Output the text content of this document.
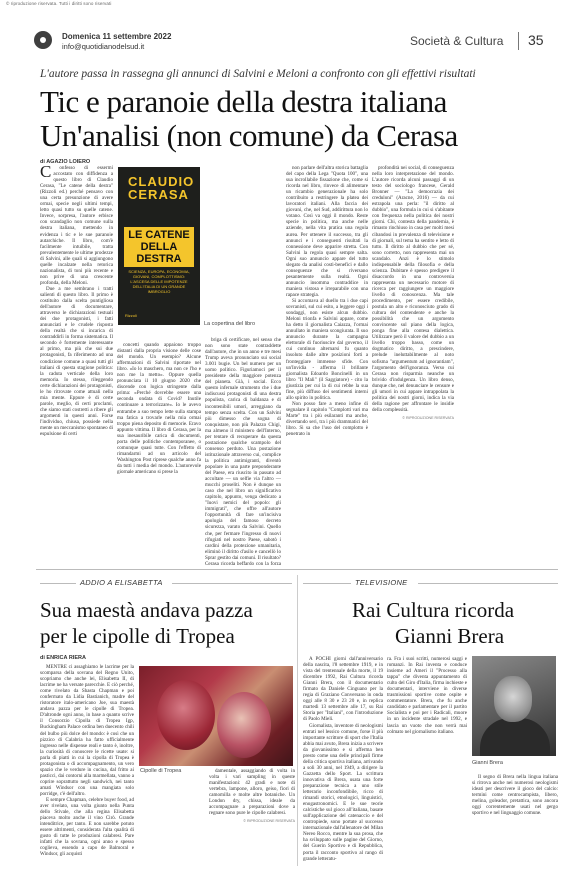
© riproduzione riservata. Tutti i diritti sono riservati
Domenica 11 settembre 2022
info@quotidianodelsud.it	Società & Cultura 35
L'autore passa in rassegna gli annunci di Salvini e Meloni a confronto con gli effettivi risultati
Tic e paranoie della destra italiana
Un'analisi (non comune) da Cerasa
di AGAZIO LOIERO
C	onfesso di essermi accostato con diffidenza a questo libro di Claudio Cerasa, "Le catene della destra" (Rizzoli ed.) perché pensavo con una certa presunzione di avere ormai, specie negli ultimi tempi, letto quasi tutto su quelle catene. Invece, sorpresa, l'autore erbisce con scandaglio non comune sulla destra italiana, mettendo in evidenza i tic e le sue paranoie autarchiche. Il libro, com'è facilmente intuibile, tratta prevalentemente le ultime prodezze di Salvini, alle quali si aggiungono quelle incalzate nella retorica nazionalista, di toni più recente e non prive di una crescente profonda, della Meloni.

Due a me sembrano i tratti salienti di questo libro. Il primo è costituito dalla scelta puntigliosa dell'autore di documentare, attraverso le dichiarazioni testuali dei due protagonisti, i fatti annunciati e le crudele risposta della realtà che si incarica di contraddirli in forma sistematica. Il secondo è fortemente interessante al primo, ma più che sui due protagonisti, fa riferimento ad una condizione comune a quasi tutti gli italiani di questa stagione politica: la caduta verticale della loro memoria. Io stesso, rileggendo certe dichiarazioni dei protagonisti, le ho ritrovate come attuali nella mia mente. Eppure è di certe parole, meglio, di certi proclami, che siamo stati costretti a ribere gli argomenti in questi anni. Forse l'individuo, chiusa, possiede nella mente un meccanismo spontaneo di espulsione di certi

CLAUDIO CERASA
LE CATENE DELLA DESTRA
SCIENZA, EUROPA, ECONOMIA, GIOVANI, COMPLOTTISMO: L'ASCESA DELLE IMPOTENZE DELL'ITALIA DI UN GRANDE IMBROGLIO
Rizzoli
La copertina del libro

concetti quando appaiono troppo distanti dalla propria visione delle cose del mondo. Un esempio? Alcune affermazioni di Salvini riportate nel libro. «Io lo maschero, ma non ce l'ho e non me la metto». Oppure quella pronunciata il 10 giugno 2020 che discende con logica stringente dalla prima: «Perché dovrebbe essere una seconda ondata di Covid? Inutile continuare a terrorizzare». Io le avevo entrambe a suo tempo lette sulla stampa ma fatica a trovarle nella mia ormai troppo piena deposito di memorie. Eravo appunto vittima. Il libro di Cerasa, per la sua inesauribile carica di documenti, porta delle politiche contemporanee, o comunque quasi tutte. Con l'effetto di rimandarmi ad un articolo del Washington Post riprese qualche anno fa da tutti i media del mondo. L'autorevole giornale americano si prese la

briga di certificare, nel senso che non sono state contraddette dall'autore, che in un anno e tre mesi Trump aveva pronunciato sui social 3.001 bugie. Un bel numero per un uomo politico. Figuriamoci per il presidente della maggiore potenza del pianeta. Già, i social. Ecco questo infernale strumento che i due indiscussi protagonisti di una destra populista, carica di baldanza e di incontenibili umori, arreggiano da tempo senza scelta. Con un Salvini più dimesso che sogna di conquistare, non più Palazzo Chigi, ma almeno il ministero dell'Interno, per tentare di recuperare da questa postazione qualche scampolo del consenso perduto. Una postazione istituzionale attraverso cui, complice la politica antimigranti, diventò popolare in una parte preponderante del Paese, era riuscito in passato ad accoltare — un selfie via l'altro — mucchi proseliti. Non è dunque un caso che nel libro un significativo capitolo, appunto, venga dedicato a "Iuovi nemici del popolo: gli immigrati", che offre all'autore l'opportunità di fare un'incisiva apologia del famoso decreto sicurezza, varato da Salvini. Quello che, per fermare l'ingresso di nuovi rifugiati nel nostro Paese, sabotò i cardini della protezione umanitaria, eliminò il diritto d'asilo e cancellò lo Sprar gestito dai comuni. Il risultato? Cerasa ricorda beffardo con la forza

non parlare dell'altra storica battaglia del capo della Lega "Quota 100", una sua incrollabile fissazione che, come si ricorda nel libro, rinvece di alimentare un ricambio generazionale ha solo contribuito a restringere la platea dei lavoratori italiani. Alla faccia dei giovani, che, nel Sud, addirittura non lo votano. Così va oggi il mondo. Reste specie in politica, ma anche nelle aziende, nella vita pratica una regola aurea. Per ottenere il successo, tra gli annunci e i conseguenti risultati la connessione deve apparire stretta. Con Salvini la regola quasi sempre salta. Ogni suo annuncio appare del tutto slegato da analisi costi-benefici e dallo conseguenze che si riversano pesantemente sulla realtà. Ogni annuncio insomma contraddice in maniera vistosa e irreparabile con una rapace strategia.

Si accomava al duello tra i due capi sovranisti, sul cui esito, a leggere oggi i sondaggi, non esiste alcun dubbio. Meloni trionfa e Salvini appare, come ha detto il giornalista Caiazza, l'ormai annullato in maniera scongiurata. Il suo annuncio durante la campagna elettorale di fuoriuscire dal governo, il cui continuo alternarsi fu quanto insoluto dalle altre posizioni forti a fronteggiare immense sfide. Con un'Invidia - afferma il brillante giornalista Edoardo Boncinelli in un libro "Il Mali" (il Saggiatore) - cito la giustizia per cui la di cui rebbe la sua fine, più diffuso dei sentimenti interni allo spirito in politica.

Non posso fare a meno infine di segnalare il capitolo "Complotti vari ma Marte" tra i più esilaranti ma anche, divertando seri, tra i più drammatici del libro. Si sa che l'uso del complotto è penetrato in

profondità nei social, di conseguenza nella loro interpretazione del mondo. L'autore ricorda alcuni passaggi di un testo del sociologo francese, Gerald Bronner — "La democrazia dei creduloni" (Aracne, 2016) — da cui estrapola una perla: "il diritto al dubbio", una formula in cui si s'abitante con frequenza nella politica dei nostri giorni. Chi, contesta della pandemia, è rimasto rinchiuso in casa per molti mesi cibandosi in prevalenza di televisione e di giornali, sul tema ha sentito e letto di tutto. Il diritto al dubbio che per sé, sono corretto, non rappresenta mai un scandalo. Anzi è lo stimolo indispensabile della filosofia e della scienza. Dubitare è spesso predigere il disaccordo in una controversia rappresenta un necessario motore di ricerca per raggiungere un maggiore livello di conoscenza. Ma tale procedimento, per essere credibile, postula un alto e riconosciuto grado di cultura del contendente e anche la possibilità che un argomento convincente sul piano della logica, ponga fine alla contesa dialettica. Utilizzare però il valore del dubbio a un livello troppo basso, come un dogmatico diritto, a prescindere, prelude ineluttabilmente al noto sofisma "argumentum ad ignorantiam", l'argomento dell'ignoranza. Verso cui Cerasa non risparmia neanche un brivido d'indulgenza. Un libro denso, dunque che, nel denunciare le censure e gli umori in cui appare intrappolata la politica dei nostri giorni, indica la via della ragione per affrontare le insidie della complessità.

© RIPRODUZIONE RISERVATA
ADDIO A ELISABETTA	TELEVISIONE
Sua maestà andava pazza
per le cipolle di Tropea
di ENRICA RIERA

MENTRE ci assaghiamo le lacrime per la scomparsa della sovrana del Regno Unito, scopriamo che anche lei, Elisabetta II, di lacrime ne ha versate parecchie. E ciò perché, come rivelato da Shasta Chapman e poi confermato da Lidia Bastianich, madre del ristoratore italo-americano Joe, sua maestà andava pazza per le cipolle di Tropea. D'altronde ogni anno, in base a quanto scrive il Consorzio Cipolla di Tropea Igp, Buckingham Palace ordina ben duecento chili del bulbo più dolce del mondo: è così che un pizzico di Calabria ha fatto ufficialmente ingresso nelle dispense reali e tanto è, inoltre, la curiosità di conoscere le ricette usate: si parla di piatti in cui la cipolla di Tropea è protagonista o di accompagnamento, un vero spazio che le verdure in cucina, dal fritto ai pasticci, dai contorni alla marmellata, vanno a coprire soprattutto negli sandwich, nei tanto amati Windsor con una mangiata solo porridge, c'è dell'altro.

E sempre Chapman, celebre buyer food, ad aver rivelato, una volta giunto nella Punta dello Stivale, che alla regina Elisabetta piaceva molto anche il vino Cirò. Grande intenditrice, per tanto. E non sarebbe potuto essere altrimenti, considerata l'alta qualità di gusto di tutte le produzioni calabresi. Pare infatti che la sovrana, ogni anno e spesso coglieva, essendo a capo de Balmoral e Windsor, gli acquisti

Cipolle di Tropea	damentale, assaggiando di volta in volta i vari sampling in queste manifestazioni: 42 gradi e note di vertebra, lampone, alloro, geiso, fiori di camomilla e molte altre botaniche. Un London dry, chissa, ideale da accompagnare a preparazioni dove a regnare sono pure le cipolle calabresi.

© RIPRODUZIONE RISERVATA
Rai Cultura ricorda
Gianni Brera

A POCHI giorni dall'anniversario della nascita, l'8 settembre 1919, e in vista del trentennale della morte, il 19 dicembre 1992, Rai Cultura ricorda Gianni Brera, con il documentario firmato da Daniele Cinguano per la regia di Graziano Conversano in onda oggi alle 8 30 e 23 20 e, in replica martedi 13 settembre alle 17, su Rai Storia per "Italiani", con l'introduzione di Paolo Mieli.

Giornalista, inventore di neologismi entrati nel lessico comune, forse il più importante scrittore di sport che l'Italia abbia mai avuto, Brera inizia a scrivere da giovanissimo e si afferma ben presto come una delle principali firme della critica sportiva italiana, arrivando a soli 30 anni, nel 1949, a dirigere la Gazzetta dello Sport. La scrittura innovativa di Brera, usata una forte preparazione tecnica a uno stile letterario inconfondibile, ricco di rimandi storici, etnologici, linguistici, enogastronomici. E le sue teorie calcistiche sul gioco all'italiana, basate sull'applicazione del catenaccio e del contropiede, sono portate al successo internazionale dall'allenatore del Milan Nereo Rocco, mentre la sua prosa, che ha sviluppato sulle pagine del Giorno, del Guerin Sportivo e di Repubblica, porta il racconto sportivo al rango di grande letteratu-

ra. Fra i suoi scritti, numerosi saggi e romanzi. In Rai inventa e conduce insieme ad Ameri il "Processo alla tappa" che diventa appuntamento di culto del Giro d'Italia, firma inchieste e documentari, interviene in diverse trasmissioni sportive come ospite e commentatore. Brera, che fu anche candidato e parlamentare per il partito Socialista e poi per i Radicali, muore in un incidente stradale nel 1992, e lascia un vuoto che non verrà mai colmato nel giornalismo italiano.

Gianni Brera

Il segno di Brera nella lingua italiana si ritrova anche nei numerosi neologismi ideati per descrivere il gioco del calcio: termini come centrocampista, libero, melina, goleador, pretattica, sono ancora oggi correntemente usati nel gergo sportivo e nel linguaggio comune.
